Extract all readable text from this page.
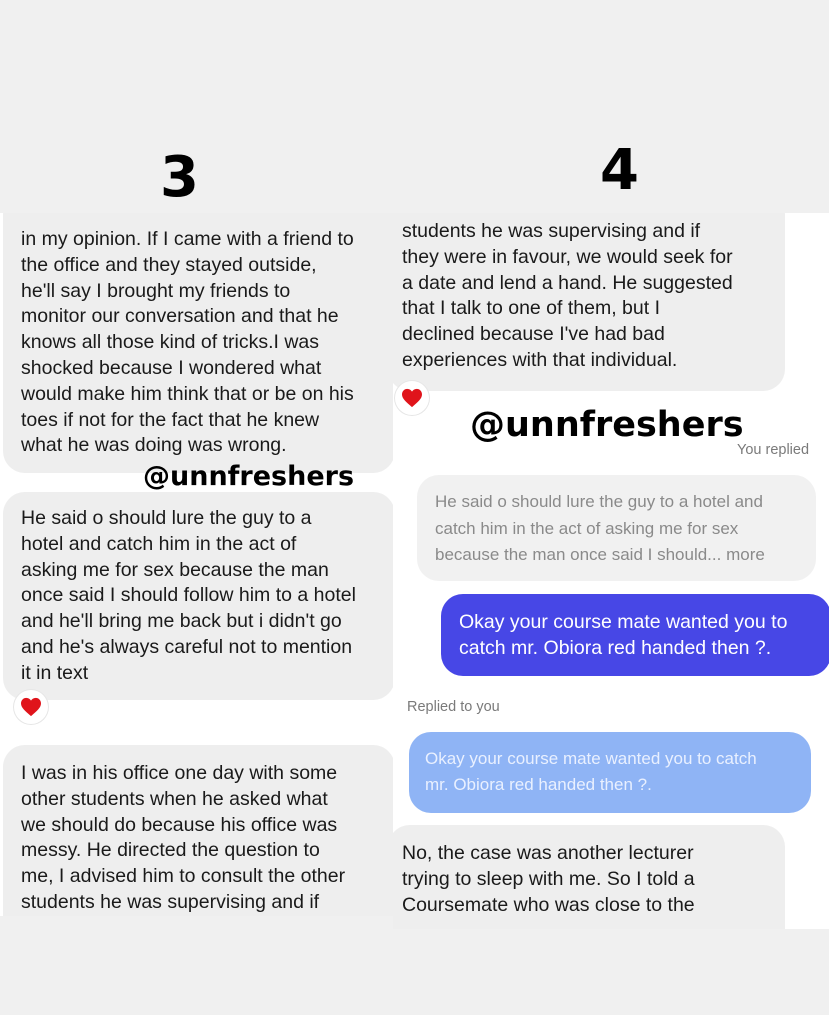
3	4
in my opinion. If I came with a friend to
the office and they stayed outside,
he'll say I brought my friends to
monitor our conversation and that he
knows all those kind of tricks.I was
shocked because I wondered what
would make him think that or be on his
toes if not for the fact that he knew
what he was doing was wrong.
@unnfreshers
He said o should lure the guy to a
hotel and catch him in the act of
asking me for sex because the man
once said I should follow him to a hotel
and he'll bring me back but i didn't go
and he's always careful not to mention
it in text
I was in his office one day with some
other students when he asked what
we should do because his office was
messy. He directed the question to
me, I advised him to consult the other
students he was supervising and if
students he was supervising and if
they were in favour, we would seek for
a date and lend a hand. He suggested
that I talk to one of them, but I
declined because I've had bad
experiences with that individual.
@unnfreshers
You replied
He said o should lure the guy to a hotel and
catch him in the act of asking me for sex
because the man once said I should... more
Okay your course mate wanted you to
catch mr. Obiora red handed then ?.
Replied to you
Okay your course mate wanted you to catch
mr. Obiora red handed then ?.
No, the case was another lecturer
trying to sleep with me. So I told a
Coursemate who was close to the
